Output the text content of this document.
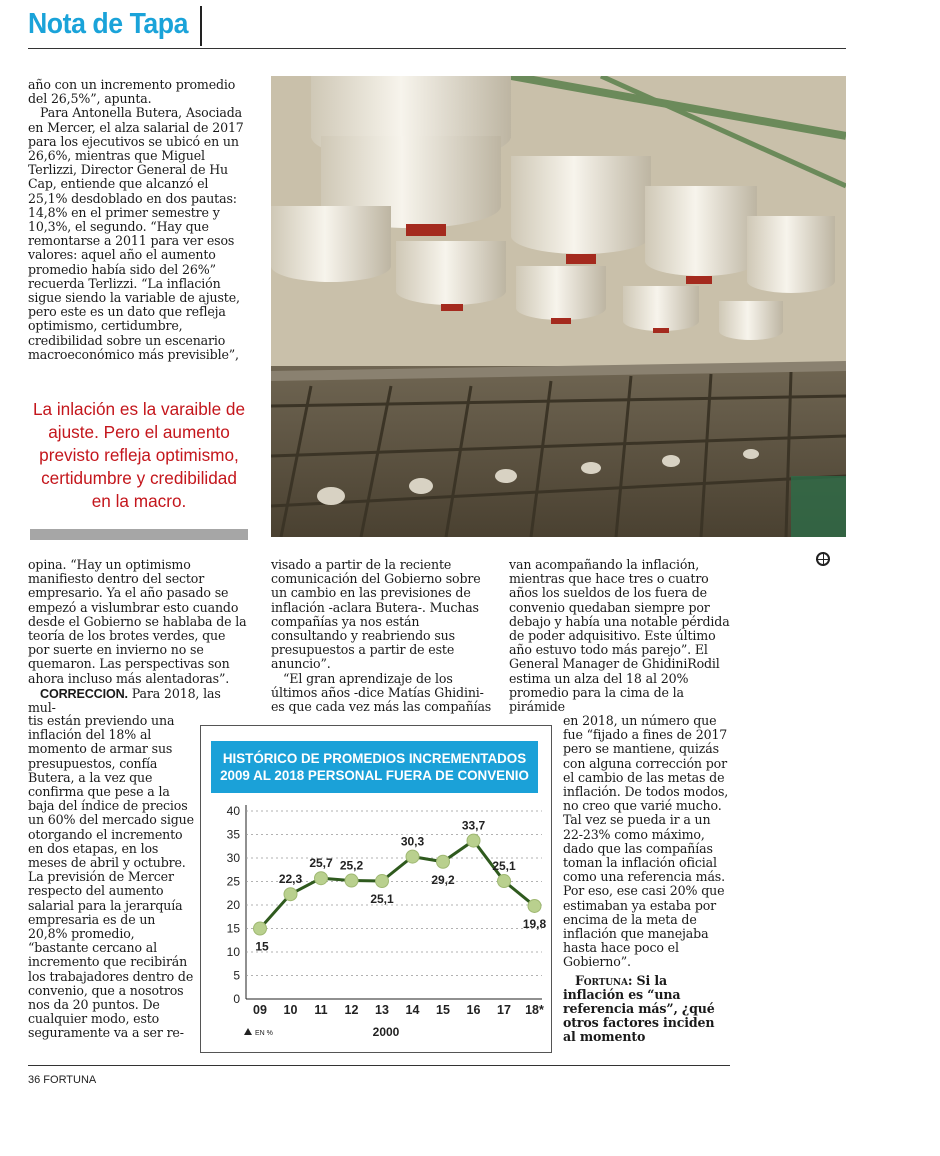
Nota de Tapa

año con un incremento promedio del 26,5%”, apunta.

Para Antonella Butera, Asociada en Mercer, el alza salarial de 2017 para los ejecutivos se ubicó en un 26,6%, mientras que Miguel Terlizzi, Director General de Hu Cap, entiende que alcanzó el 25,1% desdoblado en dos pautas: 14,8% en el primer semestre y 10,3%, el segundo. “Hay que remontarse a 2011 para ver esos valores: aquel año el aumento promedio había sido del 26%” recuerda Terlizzi. “La inflación sigue siendo la variable de ajuste, pero este es un dato que refleja optimismo, certidumbre, credibilidad sobre un escenario macroeconómico más previsible”,

La inlación es la varaible de ajuste. Pero el aumento previsto refleja optimismo, certidumbre y credibilidad en la macro.

opina. “Hay un optimismo manifiesto dentro del sector empresario. Ya el año pasado se empezó a vislumbrar esto cuando desde el Gobierno se hablaba de la teoría de los brotes verdes, que por suerte en invierno no se quemaron. Las perspectivas son ahora incluso más alentadoras”.

CORRECCION. Para 2018, las mul-

tis están previendo una inflación del 18% al momento de armar sus presupuestos, confía Butera, a la vez que confirma que pese a la baja del índice de precios un 60% del mercado sigue otorgando el incremento en dos etapas, en los meses de abril y octubre. La previsión de Mercer respecto del aumento salarial para la jerarquía empresaria es de un 20,8% promedio, “bastante cercano al incremento que recibirán los trabajadores dentro de convenio, que a nosotros nos da 20 puntos. De cualquier modo, esto seguramente va a ser re-

visado a partir de la reciente comunicación del Gobierno sobre un cambio en las previsiones de inflación -aclara Butera-. Muchas compañías ya nos están consultando y reabriendo sus presupuestos a partir de este anuncio”.

“El gran aprendizaje de los últimos años -dice Matías Ghidini- es que cada vez más las compañías

van acompañando la inflación, mientras que hace tres o cuatro años los sueldos de los fuera de convenio quedaban siempre por debajo y había una notable pérdida de poder adquisitivo. Este último año estuvo todo más parejo”. El General Manager de GhidiniRodil estima un alza del 18 al 20% promedio para la cima de la pirámide

en 2018, un número que fue “fijado a fines de 2017 pero se mantiene, quizás con alguna corrección por el cambio de las metas de inflación. De todos modos, no creo que varié mucho. Tal vez se pueda ir a un 22-23% como máximo, dado que las compañías toman la inflación oficial como una referencia más. Por eso, ese casi 20% que estimaban ya estaba por encima de la meta de inflación que manejaba hasta hace poco el Gobierno”.

Fortuna: Si la inflación es “una referencia más”, ¿qué otros factores inciden al momento

HISTÓRICO DE PROMEDIOS INCREMENTADOS
2009 AL 2018 PERSONAL FUERA DE CONVENIO
0
5
10
15
20
25
30
35
40
15
22,3
25,7 25,2
25,1
30,3
29,2
33,7
25,1
19,8
09 10 11 12 13 14 15 16 17 18*
2000
EN %
36 FORTUNA
